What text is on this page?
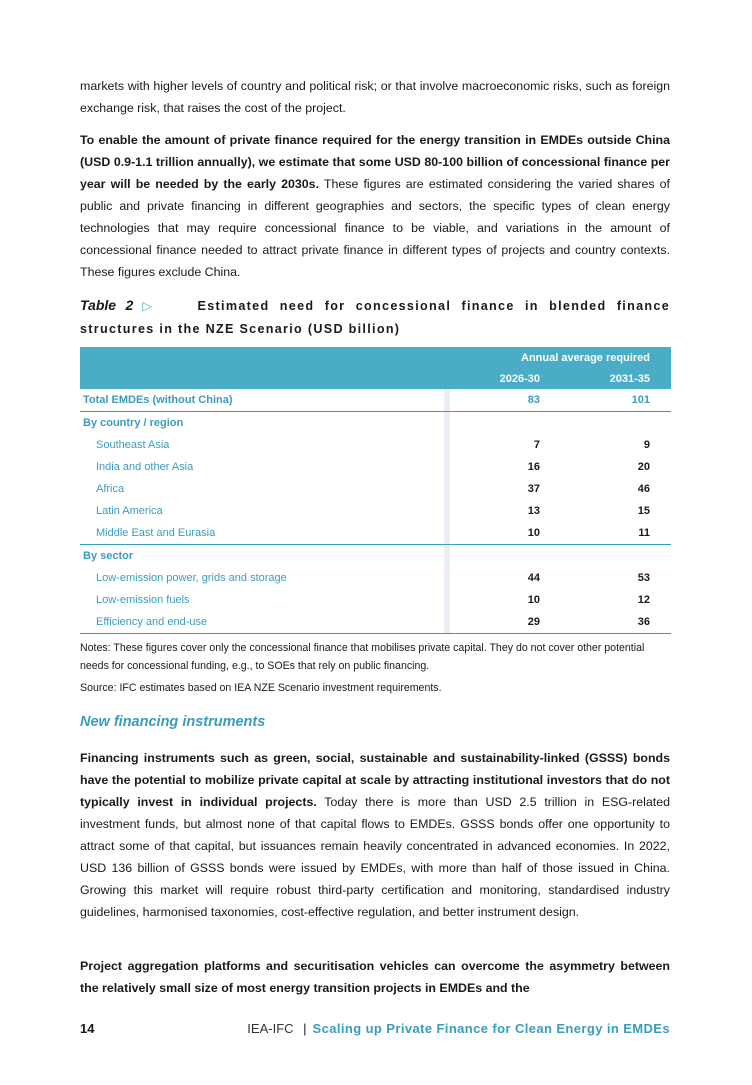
markets with higher levels of country and political risk; or that involve macroeconomic risks, such as foreign exchange risk, that raises the cost of the project.
To enable the amount of private finance required for the energy transition in EMDEs outside China (USD 0.9-1.1 trillion annually), we estimate that some USD 80-100 billion of concessional finance per year will be needed by the early 2030s. These figures are estimated considering the varied shares of public and private financing in different geographies and sectors, the specific types of clean energy technologies that may require concessional finance to be viable, and variations in the amount of concessional finance needed to attract private finance in different types of projects and country contexts. These figures exclude China.
Table 2 ▷	Estimated need for concessional finance in blended finance structures in the NZE Scenario (USD billion)
		Annual average required	
		2026-30	2031-35
Total EMDEs (without China)		83	101
By country / region			
Southeast Asia		7	9
India and other Asia		16	20
Africa		37	46
Latin America		13	15
Middle East and Eurasia		10	11
By sector			
Low-emission power, grids and storage		44	53
Low-emission fuels		10	12
Efficiency and end-use		29	36
Notes: These figures cover only the concessional finance that mobilises private capital. They do not cover other potential needs for concessional funding, e.g., to SOEs that rely on public financing.
Source: IFC estimates based on IEA NZE Scenario investment requirements.
New financing instruments
Financing instruments such as green, social, sustainable and sustainability-linked (GSSS) bonds have the potential to mobilize private capital at scale by attracting institutional investors that do not typically invest in individual projects. Today there is more than USD 2.5 trillion in ESG-related investment funds, but almost none of that capital flows to EMDEs. GSSS bonds offer one opportunity to attract some of that capital, but issuances remain heavily concentrated in advanced economies. In 2022, USD 136 billion of GSSS bonds were issued by EMDEs, with more than half of those issued in China. Growing this market will require robust third-party certification and monitoring, standardised industry guidelines, harmonised taxonomies, cost-effective regulation, and better instrument design.
Project aggregation platforms and securitisation vehicles can overcome the asymmetry between the relatively small size of most energy transition projects in EMDEs and the
14	IEA-IFC | Scaling up Private Finance for Clean Energy in EMDEs
